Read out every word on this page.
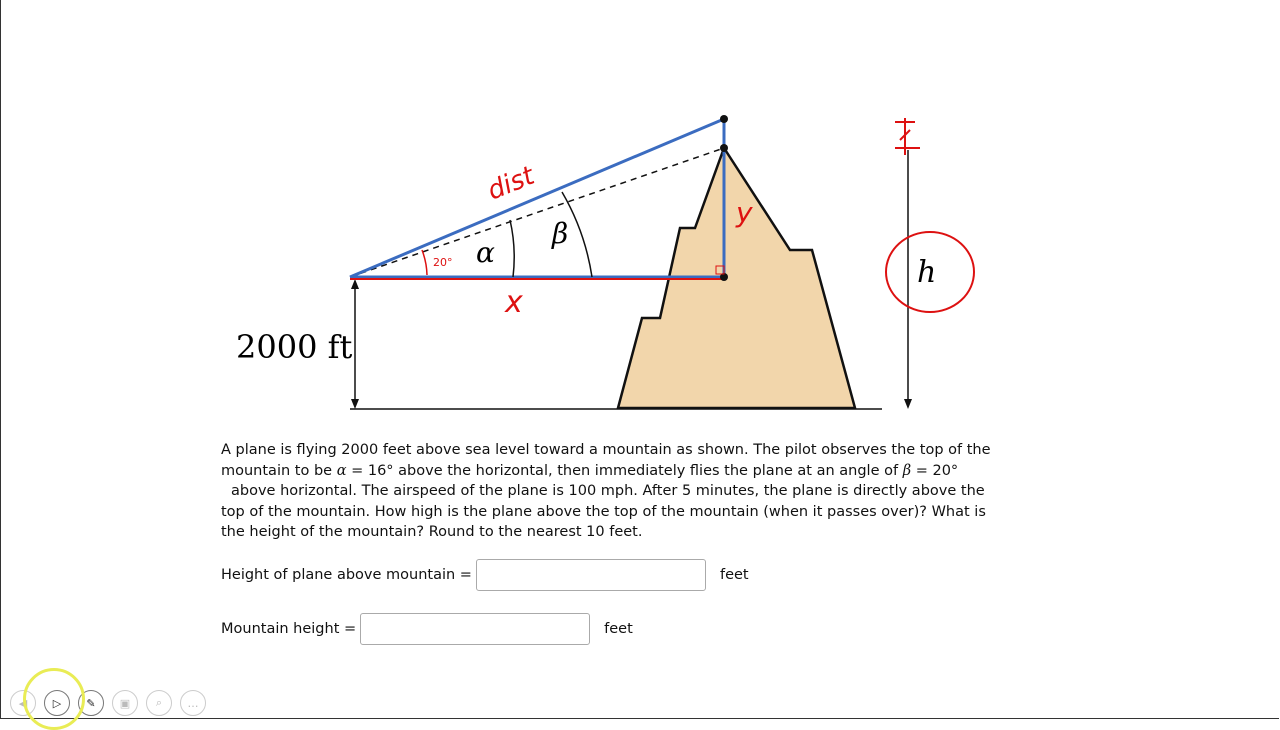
2000 ft
α
β
dist
20°
x
y
h
A plane is flying 2000 feet above sea level toward a mountain as shown. The pilot observes the top of the
mountain to be α = 16° above the horizontal, then immediately flies the plane at an angle of β = 20°
above horizontal. The airspeed of the plane is 100 mph. After 5 minutes, the plane is directly above the
top of the mountain. How high is the plane above the top of the mountain (when it passes over)? What is
the height of the mountain? Round to the nearest 10 feet.
Height of plane above mountain =	feet
Mountain height =	feet
◀	▷	✎	▣	⌕	…
